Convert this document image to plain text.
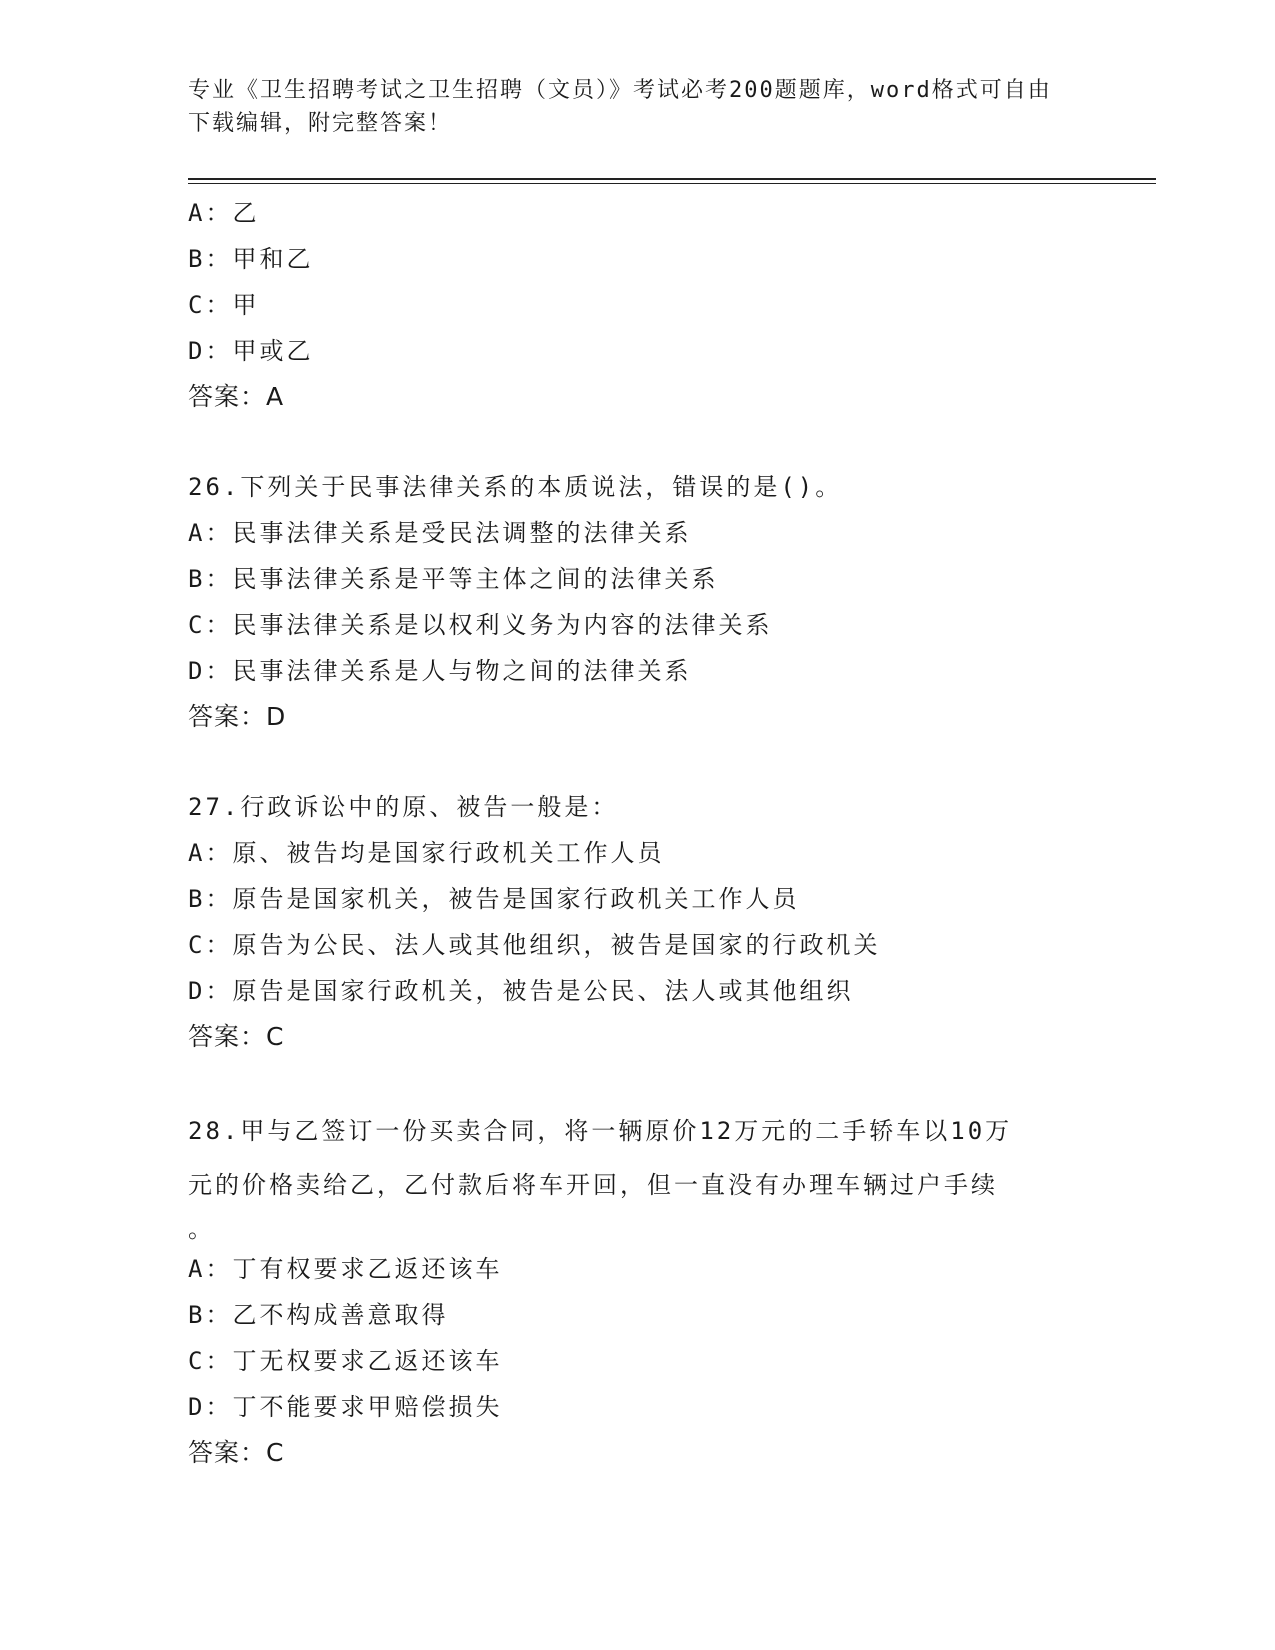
专业《卫生招聘考试之卫生招聘（文员）》考试必考200题题库，word格式可自由下载编辑，附完整答案！
A：乙
B：甲和乙
C：甲
D：甲或乙
答案：A
26.下列关于民事法律关系的本质说法，错误的是()。
A：民事法律关系是受民法调整的法律关系
B：民事法律关系是平等主体之间的法律关系
C：民事法律关系是以权利义务为内容的法律关系
D：民事法律关系是人与物之间的法律关系
答案：D
27.行政诉讼中的原、被告一般是：
A：原、被告均是国家行政机关工作人员
B：原告是国家机关，被告是国家行政机关工作人员
C：原告为公民、法人或其他组织，被告是国家的行政机关
D：原告是国家行政机关，被告是公民、法人或其他组织
答案：C
28.甲与乙签订一份买卖合同，将一辆原价12万元的二手轿车以10万
元的价格卖给乙，乙付款后将车开回，但一直没有办理车辆过户手续
。
A：丁有权要求乙返还该车
B：乙不构成善意取得
C：丁无权要求乙返还该车
D：丁不能要求甲赔偿损失
答案：C
